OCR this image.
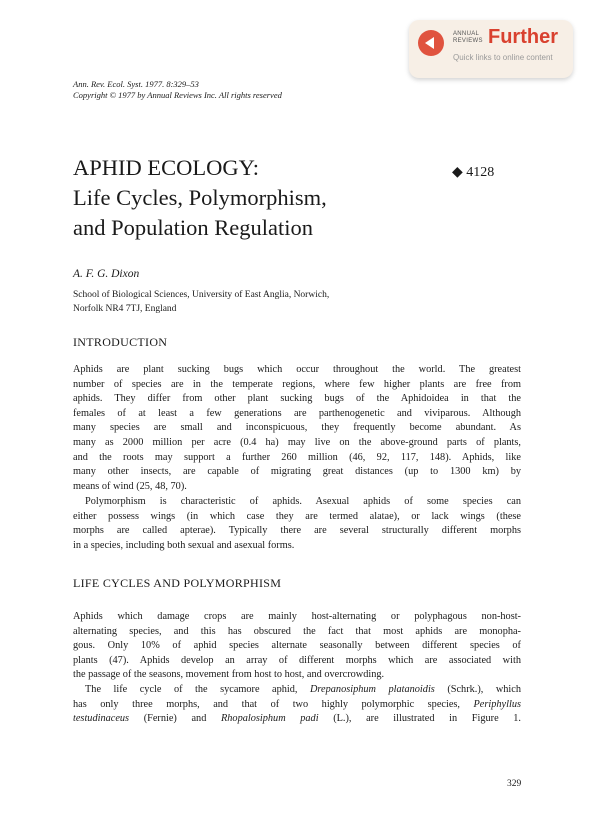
ANNUAL
REVIEWS Further
Quick links to online content
Ann. Rev. Ecol. Syst. 1977. 8:329–53
Copyright © 1977 by Annual Reviews Inc. All rights reserved
APHID ECOLOGY:
Life Cycles, Polymorphism,
and Population Regulation
◆ 4128
A. F. G. Dixon
School of Biological Sciences, University of East Anglia, Norwich,
Norfolk NR4 7TJ, England
INTRODUCTION
Aphids are plant sucking bugs which occur throughout the world. The greatest
number of species are in the temperate regions, where few higher plants are free from
aphids. They differ from other plant sucking bugs of the Aphidoidea in that the
females of at least a few generations are parthenogenetic and viviparous. Although
many species are small and inconspicuous, they frequently become abundant. As
many as 2000 million per acre (0.4 ha) may live on the above-ground parts of plants,
and the roots may support a further 260 million (46, 92, 117, 148). Aphids, like
many other insects, are capable of migrating great distances (up to 1300 km) by
means of wind (25, 48, 70).
Polymorphism is characteristic of aphids. Asexual aphids of some species can
either possess wings (in which case they are termed alatae), or lack wings (these
morphs are called apterae). Typically there are several structurally different morphs
in a species, including both sexual and asexual forms.
LIFE CYCLES AND POLYMORPHISM
Aphids which damage crops are mainly host-alternating or polyphagous non-host-
alternating species, and this has obscured the fact that most aphids are monopha-
gous. Only 10% of aphid species alternate seasonally between different species of
plants (47). Aphids develop an array of different morphs which are associated with
the passage of the seasons, movement from host to host, and overcrowding.
The life cycle of the sycamore aphid, Drepanosiphum platanoidis (Schrk.), which
has only three morphs, and that of two highly polymorphic species, Periphyllus
testudinaceus (Fernie) and Rhopalosiphum padi (L.), are illustrated in Figure 1.
329
